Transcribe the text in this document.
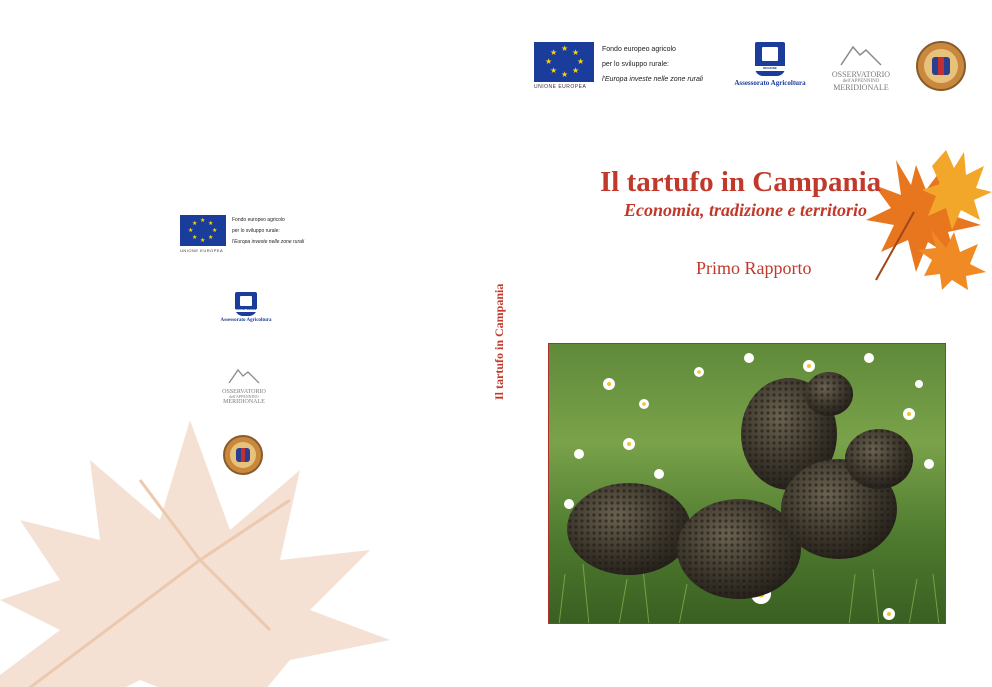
★ ★
★
★
★
★
★
★
Fondo europeo agricolo
per lo sviluppo rurale:
l'Europa investe nelle zone rurali
UNIONE EUROPEA
REGIONE CAMPANIA
Assessorato Agricoltura
OSSERVATORIO
dell'APPENNINO
MERIDIONALE
Il tartufo in Campania
★ ★
★
★
★
★
★
★	Fondo europeo agricolo
per lo sviluppo rurale:
l'Europa investe nelle zone rurali
UNIONE EUROPEA
REGIONE CAMPANIA
Assessorato Agricoltura
OSSERVATORIO
dell'APPENNINO
MERIDIONALE
Il tartufo in Campania
Economia, tradizione e territorio
Primo Rapporto
